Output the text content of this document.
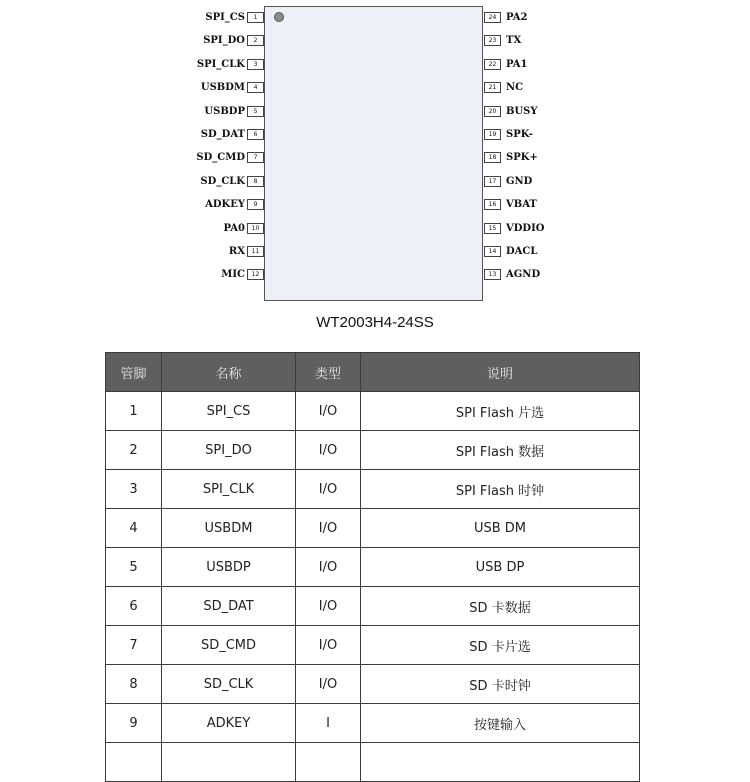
SPI_CS	1
SPI_DO	2
SPI_CLK	3
USBDM	4
USBDP	5
SD_DAT	6
SD_CMD	7
SD_CLK	8
ADKEY	9
PA0	10
RX	11
MIC	12
PA2
24
TX
23
PA1
22
NC
21
BUSY
20
SPK-
19
SPK+
18
GND
17
VBAT
16
VDDIO
15
DACL
14
AGND
13
WT2003H4-24SS
管脚	名称	类型	说明
1	SPI_CS	I/O	SPI Flash 片选
2	SPI_DO	I/O	SPI Flash 数据
3	SPI_CLK	I/O	SPI Flash 时钟
4	USBDM	I/O	USB DM
5	USBDP	I/O	USB DP
6	SD_DAT	I/O	SD 卡数据
7	SD_CMD	I/O	SD 卡片选
8	SD_CLK	I/O	SD 卡时钟
9	ADKEY	I	按键输入
